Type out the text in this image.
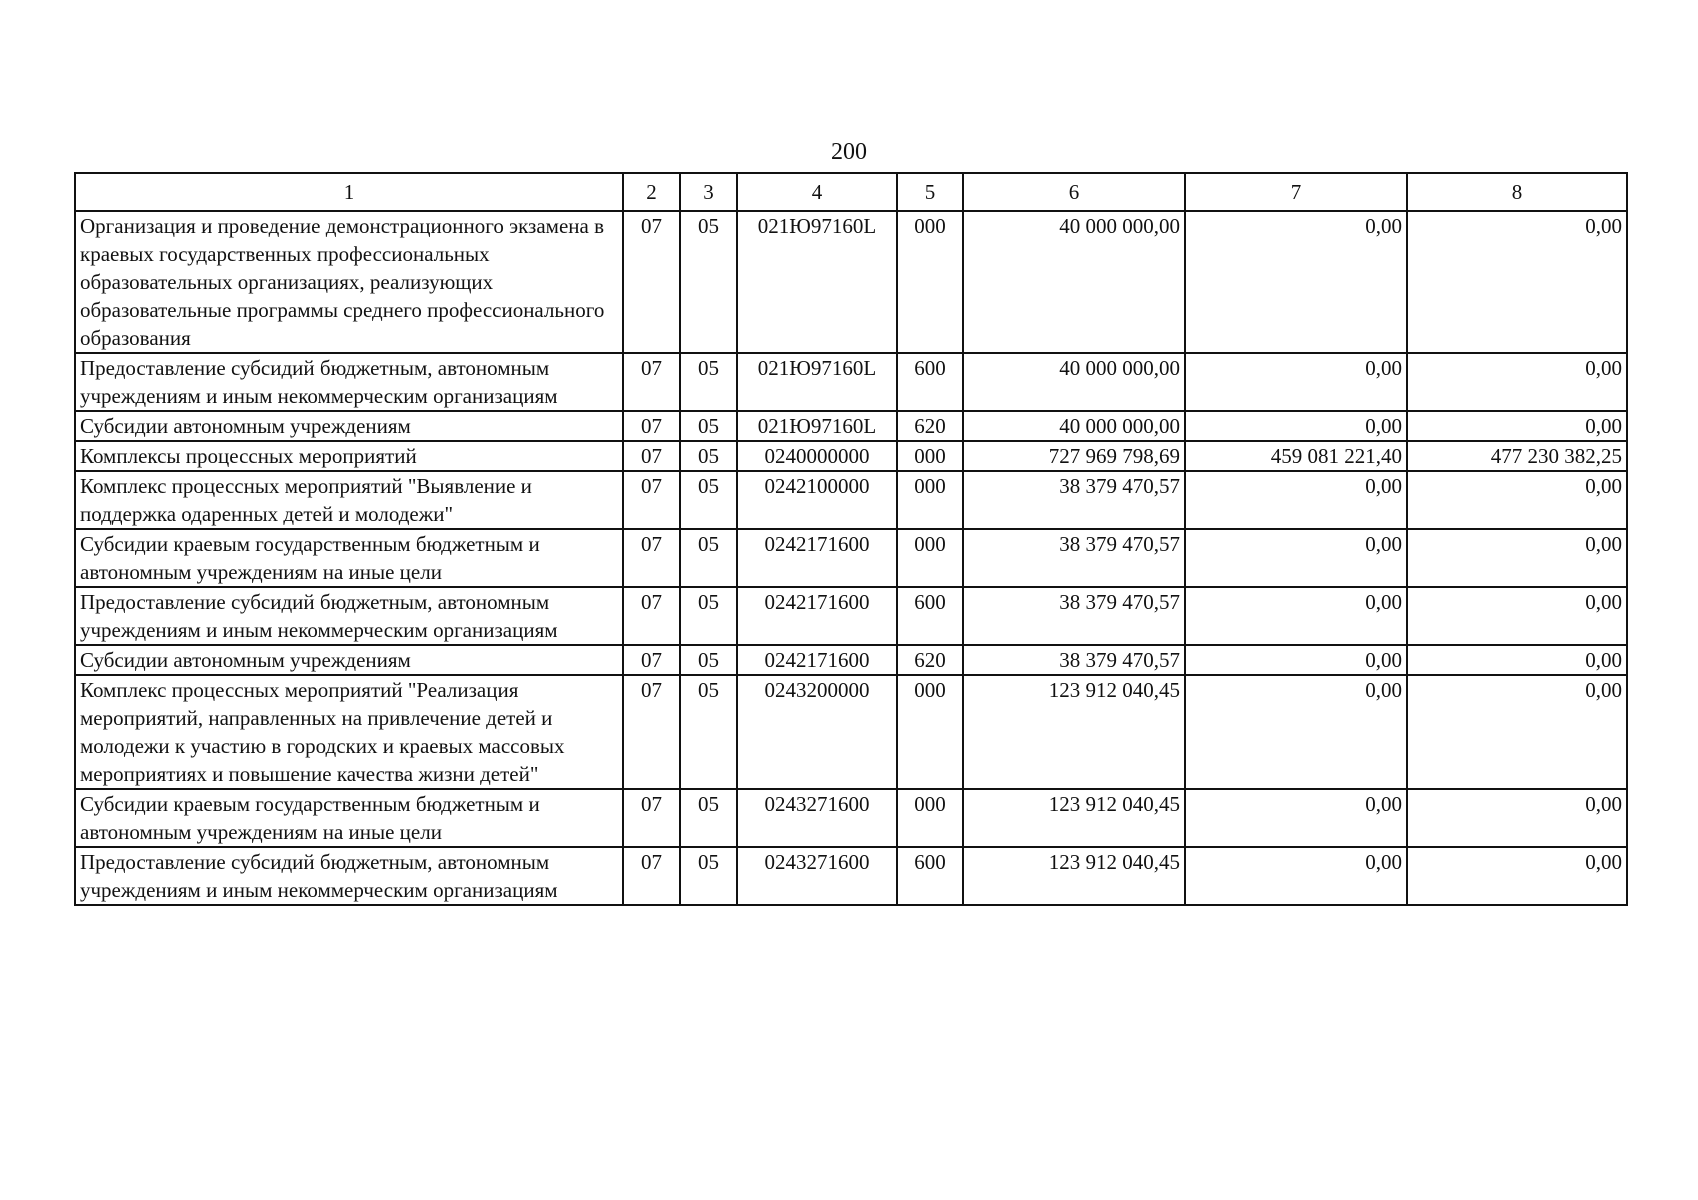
200
1	2	3	4	5	6	7	8
Организация и проведение демонстрационного экзамена в краевых государственных профессиональных образовательных организациях, реализующих образовательные программы среднего профессионального образования	07	05	021Ю97160L	000	40 000 000,00	0,00	0,00
Предоставление субсидий бюджетным, автономным учреждениям и иным некоммерческим организациям	07	05	021Ю97160L	600	40 000 000,00	0,00	0,00
Субсидии автономным учреждениям	07	05	021Ю97160L	620	40 000 000,00	0,00	0,00
Комплексы процессных мероприятий	07	05	0240000000	000	727 969 798,69	459 081 221,40	477 230 382,25
Комплекс процессных мероприятий "Выявление и поддержка одаренных детей и молодежи"	07	05	0242100000	000	38 379 470,57	0,00	0,00
Субсидии краевым государственным бюджетным и автономным учреждениям на иные цели	07	05	0242171600	000	38 379 470,57	0,00	0,00
Предоставление субсидий бюджетным, автономным учреждениям и иным некоммерческим организациям	07	05	0242171600	600	38 379 470,57	0,00	0,00
Субсидии автономным учреждениям	07	05	0242171600	620	38 379 470,57	0,00	0,00
Комплекс процессных мероприятий "Реализация мероприятий, направленных на привлечение детей и молодежи к участию в городских и краевых массовых мероприятиях и повышение качества жизни детей"	07	05	0243200000	000	123 912 040,45	0,00	0,00
Субсидии краевым государственным бюджетным и автономным учреждениям на иные цели	07	05	0243271600	000	123 912 040,45	0,00	0,00
Предоставление субсидий бюджетным, автономным учреждениям и иным некоммерческим организациям	07	05	0243271600	600	123 912 040,45	0,00	0,00
